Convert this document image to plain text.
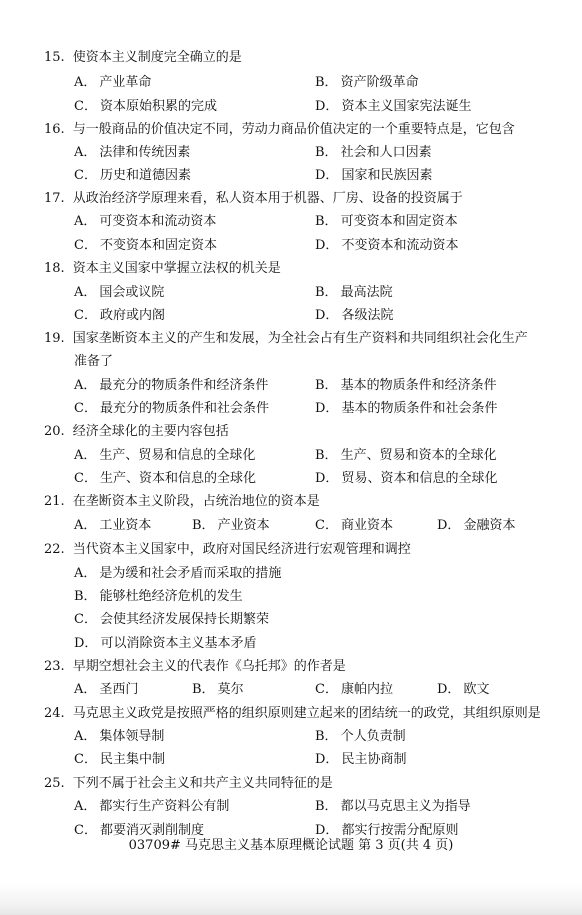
15. 使资本主义制度完全确立的是
A． 产业革命	B． 资产阶级革命
C． 资本原始积累的完成	D． 资本主义国家宪法诞生
16. 与一般商品的价值决定不同，劳动力商品价值决定的一个重要特点是，它包含
A． 法律和传统因素	B． 社会和人口因素
C． 历史和道德因素	D． 国家和民族因素
17. 从政治经济学原理来看，私人资本用于机器、厂房、设备的投资属于
A． 可变资本和流动资本	B． 可变资本和固定资本
C． 不变资本和固定资本	D． 不变资本和流动资本
18. 资本主义国家中掌握立法权的机关是
A． 国会或议院	B． 最高法院
C． 政府或内阁	D． 各级法院
19. 国家垄断资本主义的产生和发展，为全社会占有生产资料和共同组织社会化生产
准备了
A． 最充分的物质条件和经济条件	B． 基本的物质条件和经济条件
C． 最充分的物质条件和社会条件	D． 基本的物质条件和社会条件
20. 经济全球化的主要内容包括
A． 生产、贸易和信息的全球化	B． 生产、贸易和资本的全球化
C． 生产、资本和信息的全球化	D． 贸易、资本和信息的全球化
21. 在垄断资本主义阶段，占统治地位的资本是
A． 工业资本	B． 产业资本	C． 商业资本	D． 金融资本
22. 当代资本主义国家中，政府对国民经济进行宏观管理和调控
A． 是为缓和社会矛盾而采取的措施
B． 能够杜绝经济危机的发生
C． 会使其经济发展保持长期繁荣
D． 可以消除资本主义基本矛盾
23. 早期空想社会主义的代表作《乌托邦》的作者是
A． 圣西门	B． 莫尔	C． 康帕内拉	D． 欧文
24. 马克思主义政党是按照严格的组织原则建立起来的团结统一的政党，其组织原则是
A． 集体领导制	B． 个人负责制
C． 民主集中制	D． 民主协商制
25. 下列不属于社会主义和共产主义共同特征的是
A． 都实行生产资料公有制	B． 都以马克思主义为指导
C． 都要消灭剥削制度	D． 都实行按需分配原则
03709# 马克思主义基本原理概论试题 第 3 页(共 4 页)
